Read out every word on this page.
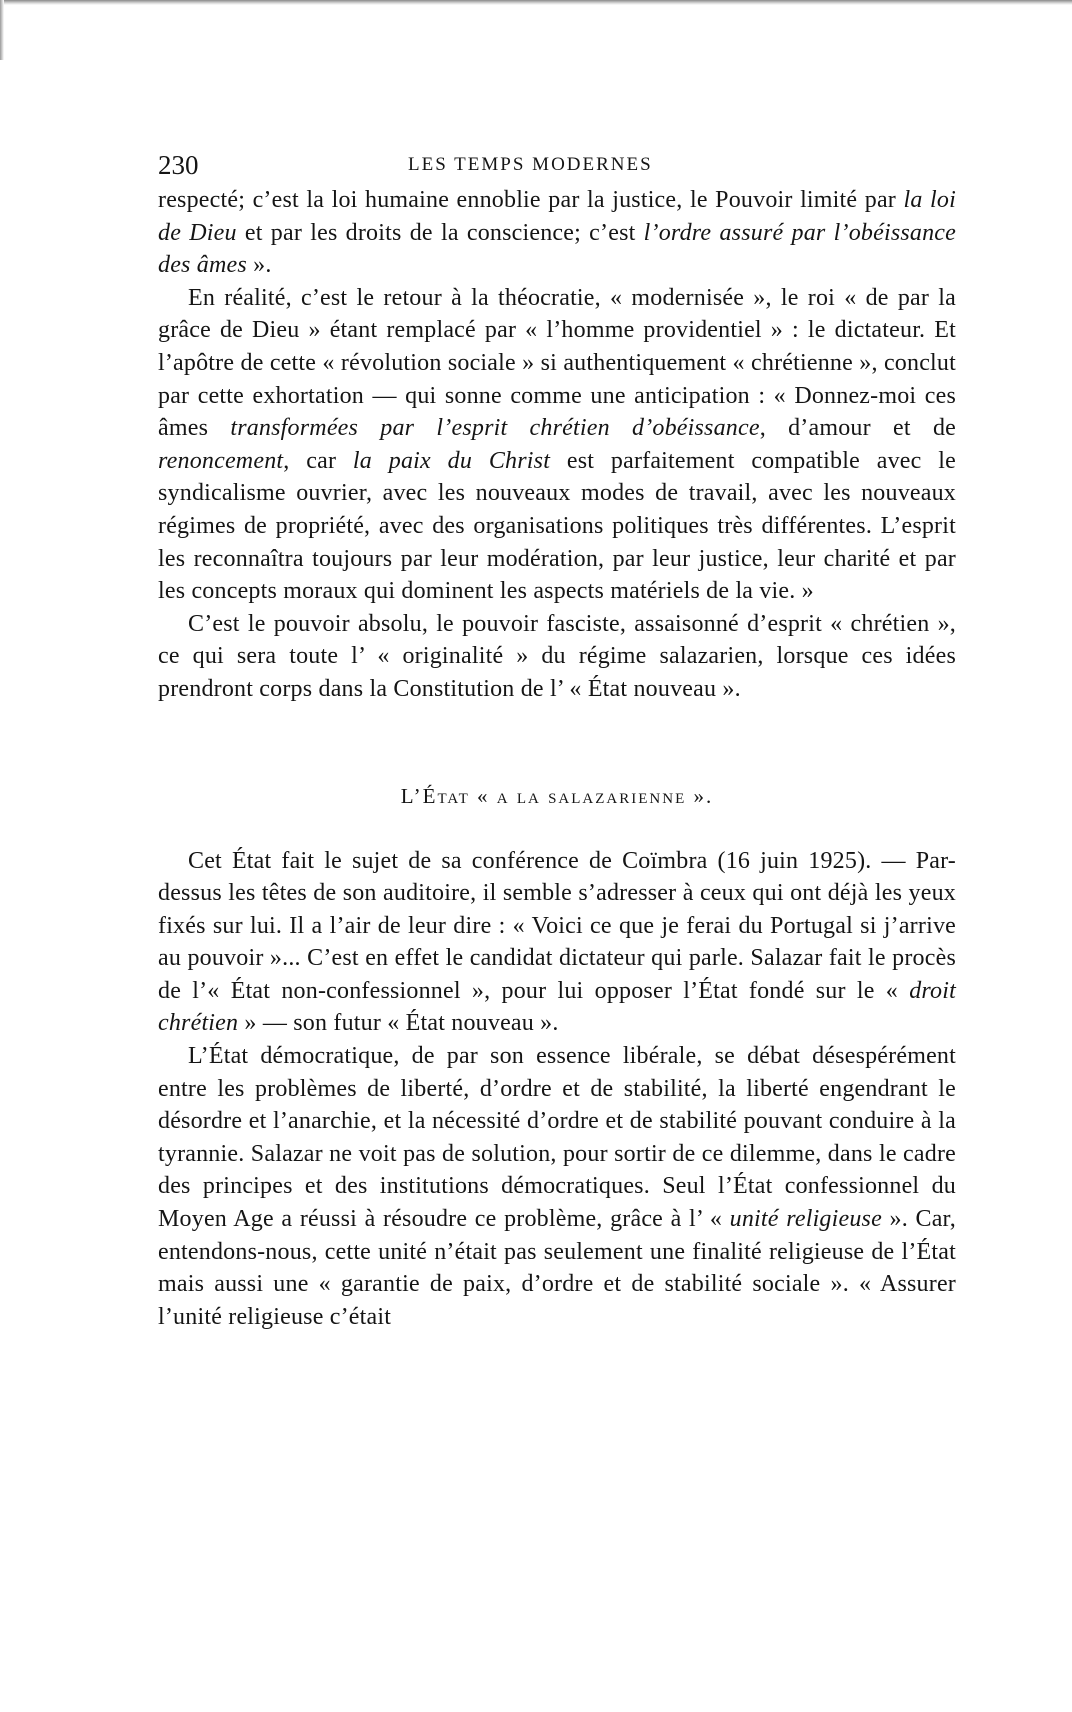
230	LES TEMPS MODERNES

respecté; c’est la loi humaine ennoblie par la justice, le Pouvoir limité par la loi de Dieu et par les droits de la conscience; c’est l’ordre assuré par l’obéissance des âmes ».

En réalité, c’est le retour à la théocratie, « modernisée », le roi « de par la grâce de Dieu » étant remplacé par « l’homme providentiel » : le dictateur. Et l’apôtre de cette « révolution sociale » si authentiquement « chrétienne », conclut par cette exhortation — qui sonne comme une anticipation : « Donnez-moi ces âmes transformées par l’esprit chrétien d’obéissance, d’amour et de renoncement, car la paix du Christ est parfaitement compatible avec le syndicalisme ouvrier, avec les nouveaux modes de travail, avec les nouveaux régimes de propriété, avec des organisations politiques très différentes. L’esprit les reconnaîtra toujours par leur modération, par leur justice, leur charité et par les concepts moraux qui dominent les aspects matériels de la vie. »

C’est le pouvoir absolu, le pouvoir fasciste, assaisonné d’esprit « chrétien », ce qui sera toute l’ « originalité » du régime salazarien, lorsque ces idées prendront corps dans la Constitution de l’ « État nouveau ».

L’État « a la salazarienne ».

Cet État fait le sujet de sa conférence de Coïmbra (16 juin 1925). — Par-dessus les têtes de son auditoire, il semble s’adresser à ceux qui ont déjà les yeux fixés sur lui. Il a l’air de leur dire : « Voici ce que je ferai du Portugal si j’arrive au pouvoir »... C’est en effet le candidat dictateur qui parle. Salazar fait le procès de l’« État non-confessionnel », pour lui opposer l’État fondé sur le « droit chrétien » — son futur « État nouveau ».

L’État démocratique, de par son essence libérale, se débat désespérément entre les problèmes de liberté, d’ordre et de stabilité, la liberté engendrant le désordre et l’anarchie, et la nécessité d’ordre et de stabilité pouvant conduire à la tyrannie. Salazar ne voit pas de solution, pour sortir de ce dilemme, dans le cadre des principes et des institutions démocratiques. Seul l’État confessionnel du Moyen Age a réussi à résoudre ce problème, grâce à l’ « unité religieuse ». Car, entendons-nous, cette unité n’était pas seulement une finalité religieuse de l’État mais aussi une « garantie de paix, d’ordre et de stabilité sociale ». « Assurer l’unité religieuse c’était
